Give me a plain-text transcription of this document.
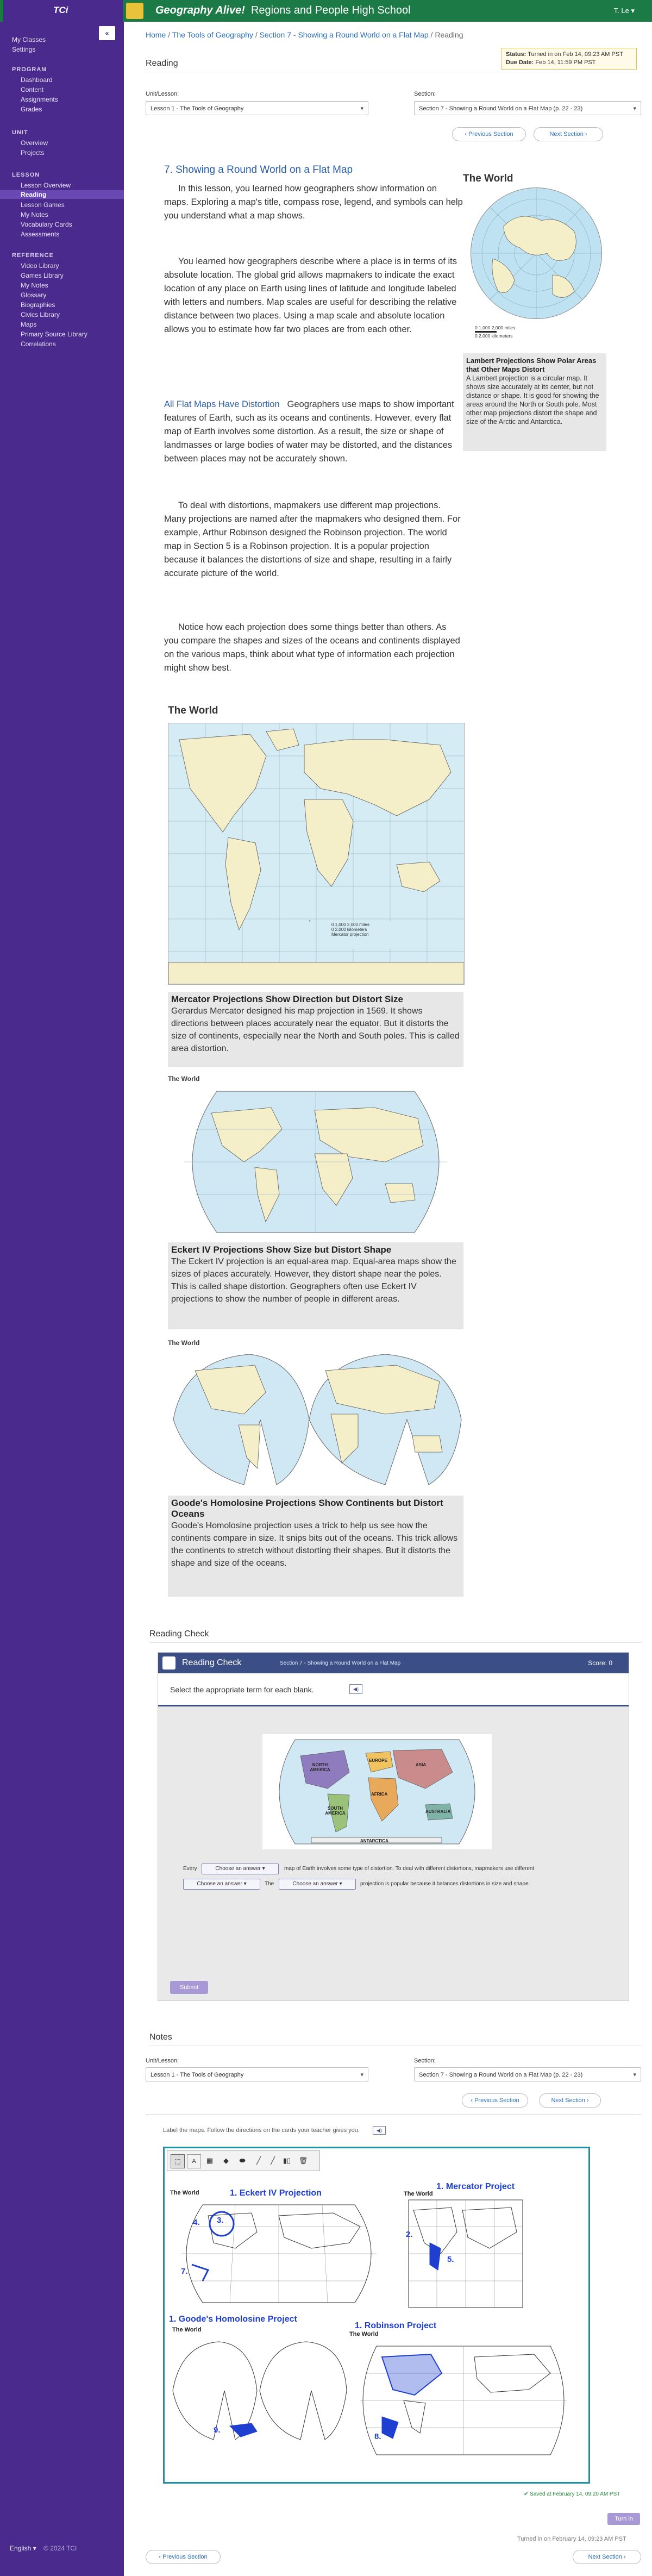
TCi	Geography Alive! Regions and People High School	T. Le ▾
«
My Classes
Settings
PROGRAM
Dashboard
Content
Assignments
Grades
UNIT
Overview
Projects
LESSON
Lesson Overview
Reading
Lesson Games
My Notes
Vocabulary Cards
Assessments
REFERENCE
Video Library
Games Library
My Notes
Glossary
Biographies
Civics Library
Maps
Primary Source Library
Correlations
English ▾ © 2024 TCI
Home / The Tools of Geography / Section 7 - Showing a Round World on a Flat Map / Reading
Reading
Status: Turned in on Feb 14, 09:23 AM PST
Due Date: Feb 14, 11:59 PM PST
Unit/Lesson:
Lesson 1 - The Tools of Geography ▾
Section:
Section 7 - Showing a Round World on a Flat Map (p. 22 - 23) ▾
‹ Previous Section	Next Section ›
7. Showing a Round World on a Flat Map
In this lesson, you learned how geographers show information on maps. Exploring a map's title, compass rose, legend, and symbols can help you understand what a map shows.
You learned how geographers describe where a place is in terms of its absolute location. The global grid allows mapmakers to indicate the exact location of any place on Earth using lines of latitude and longitude labeled with letters and numbers. Map scales are useful for describing the relative distance between two places. Using a map scale and absolute location allows you to estimate how far two places are from each other.
All Flat Maps Have Distortion Geographers use maps to show important features of Earth, such as its oceans and continents. However, every flat map of Earth involves some distortion. As a result, the size or shape of landmasses or large bodies of water may be distorted, and the distances between places may not be accurately shown.
To deal with distortions, mapmakers use different map projections. Many projections are named after the mapmakers who designed them. For example, Arthur Robinson designed the Robinson projection. The world map in Section 5 is a Robinson projection. It is a popular projection because it balances the distortions of size and shape, resulting in a fairly accurate picture of the world.
Notice how each projection does some things better than others. As you compare the shapes and sizes of the oceans and continents displayed on the various maps, think about what type of information each projection might show best.
The World
0 1,000 2,000 miles
0 2,000 kilometers
Lambert Projections Show Polar Areas that Other Maps Distort
A Lambert projection is a circular map. It shows size accurately at its center, but not distance or shape. It is good for showing the areas around the North or South pole. Most other map projections distort the shape and size of the Arctic and Antarctica.
The World
+
0 1,000 2,000 miles
0 2,000 kilometers
Mercator projection
Mercator Projections Show Direction but Distort Size

Gerardus Mercator designed his map projection in 1569. It shows directions between places accurately near the equator. But it distorts the size of continents, especially near the North and South poles. This is called area distortion.

The World
Eckert IV Projections Show Size but Distort Shape

The Eckert IV projection is an equal-area map. Equal-area maps show the sizes of places accurately. However, they distort shape near the poles. This is called shape distortion. Geographers often use Eckert IV projections to show the number of people in different areas.

The World
Goode's Homolosine Projections Show Continents but Distort Oceans

Goode's Homolosine projection uses a trick to help us see how the continents compare in size. It snips bits out of the oceans. This trick allows the continents to stretch without distorting their shapes. But it distorts the shape and size of the oceans.

Reading Check
Reading Check	Section 7 - Showing a Round World on a Flat Map	Score: 0
Select the appropriate term for each blank.	◀)
NORTH AMERICA
EUROPE
ASIA
AFRICA
SOUTH AMERICA	AUSTRALIA
ANTARCTICA
Every	Choose an answer ▾	map of Earth involves some type of distortion. To deal with different distortions, mapmakers use different
Choose an answer ▾	The	Choose an answer ▾	projection is popular because it balances distortions in size and shape.
Submit
Notes
Unit/Lesson:
Lesson 1 - The Tools of Geography ▾
Section:
Section 7 - Showing a Round World on a Flat Map (p. 22 - 23) ▾
‹ Previous Section	Next Section ›
Label the maps. Follow the directions on the cards your teacher gives you.	◀)
⬚	A	▦	◆	⬬	╱	╱	▮▯	🗑
The World	1. Eckert IV Projection
4. 3.
7.
1. Mercator Project
The World
2.
5.
1. Goode's Homolosine Project
The World
9.
1. Robinson Project
The World
8.
✔ Saved at February 14, 09:20 AM PST
Turn in
Turned in on February 14, 09:23 AM PST
‹ Previous Section	Next Section ›
